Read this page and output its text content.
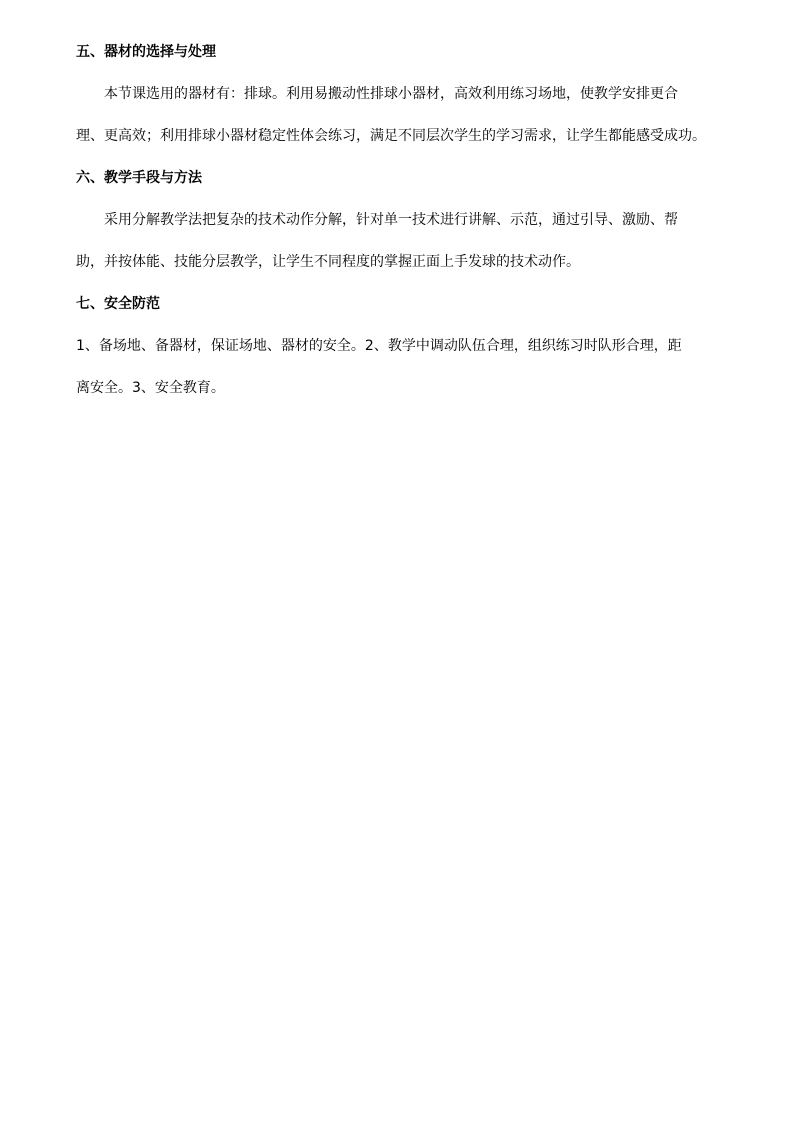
五、器材的选择与处理
本节课选用的器材有：排球。利用易搬动性排球小器材，高效利用练习场地，使教学安排更合
理、更高效；利用排球小器材稳定性体会练习，满足不同层次学生的学习需求，让学生都能感受成功。
六、教学手段与方法
采用分解教学法把复杂的技术动作分解，针对单一技术进行讲解、示范，通过引导、激励、帮
助，并按体能、技能分层教学，让学生不同程度的掌握正面上手发球的技术动作。
七、安全防范
1、备场地、备器材，保证场地、器材的安全。2、教学中调动队伍合理，组织练习时队形合理，距
离安全。3、安全教育。
